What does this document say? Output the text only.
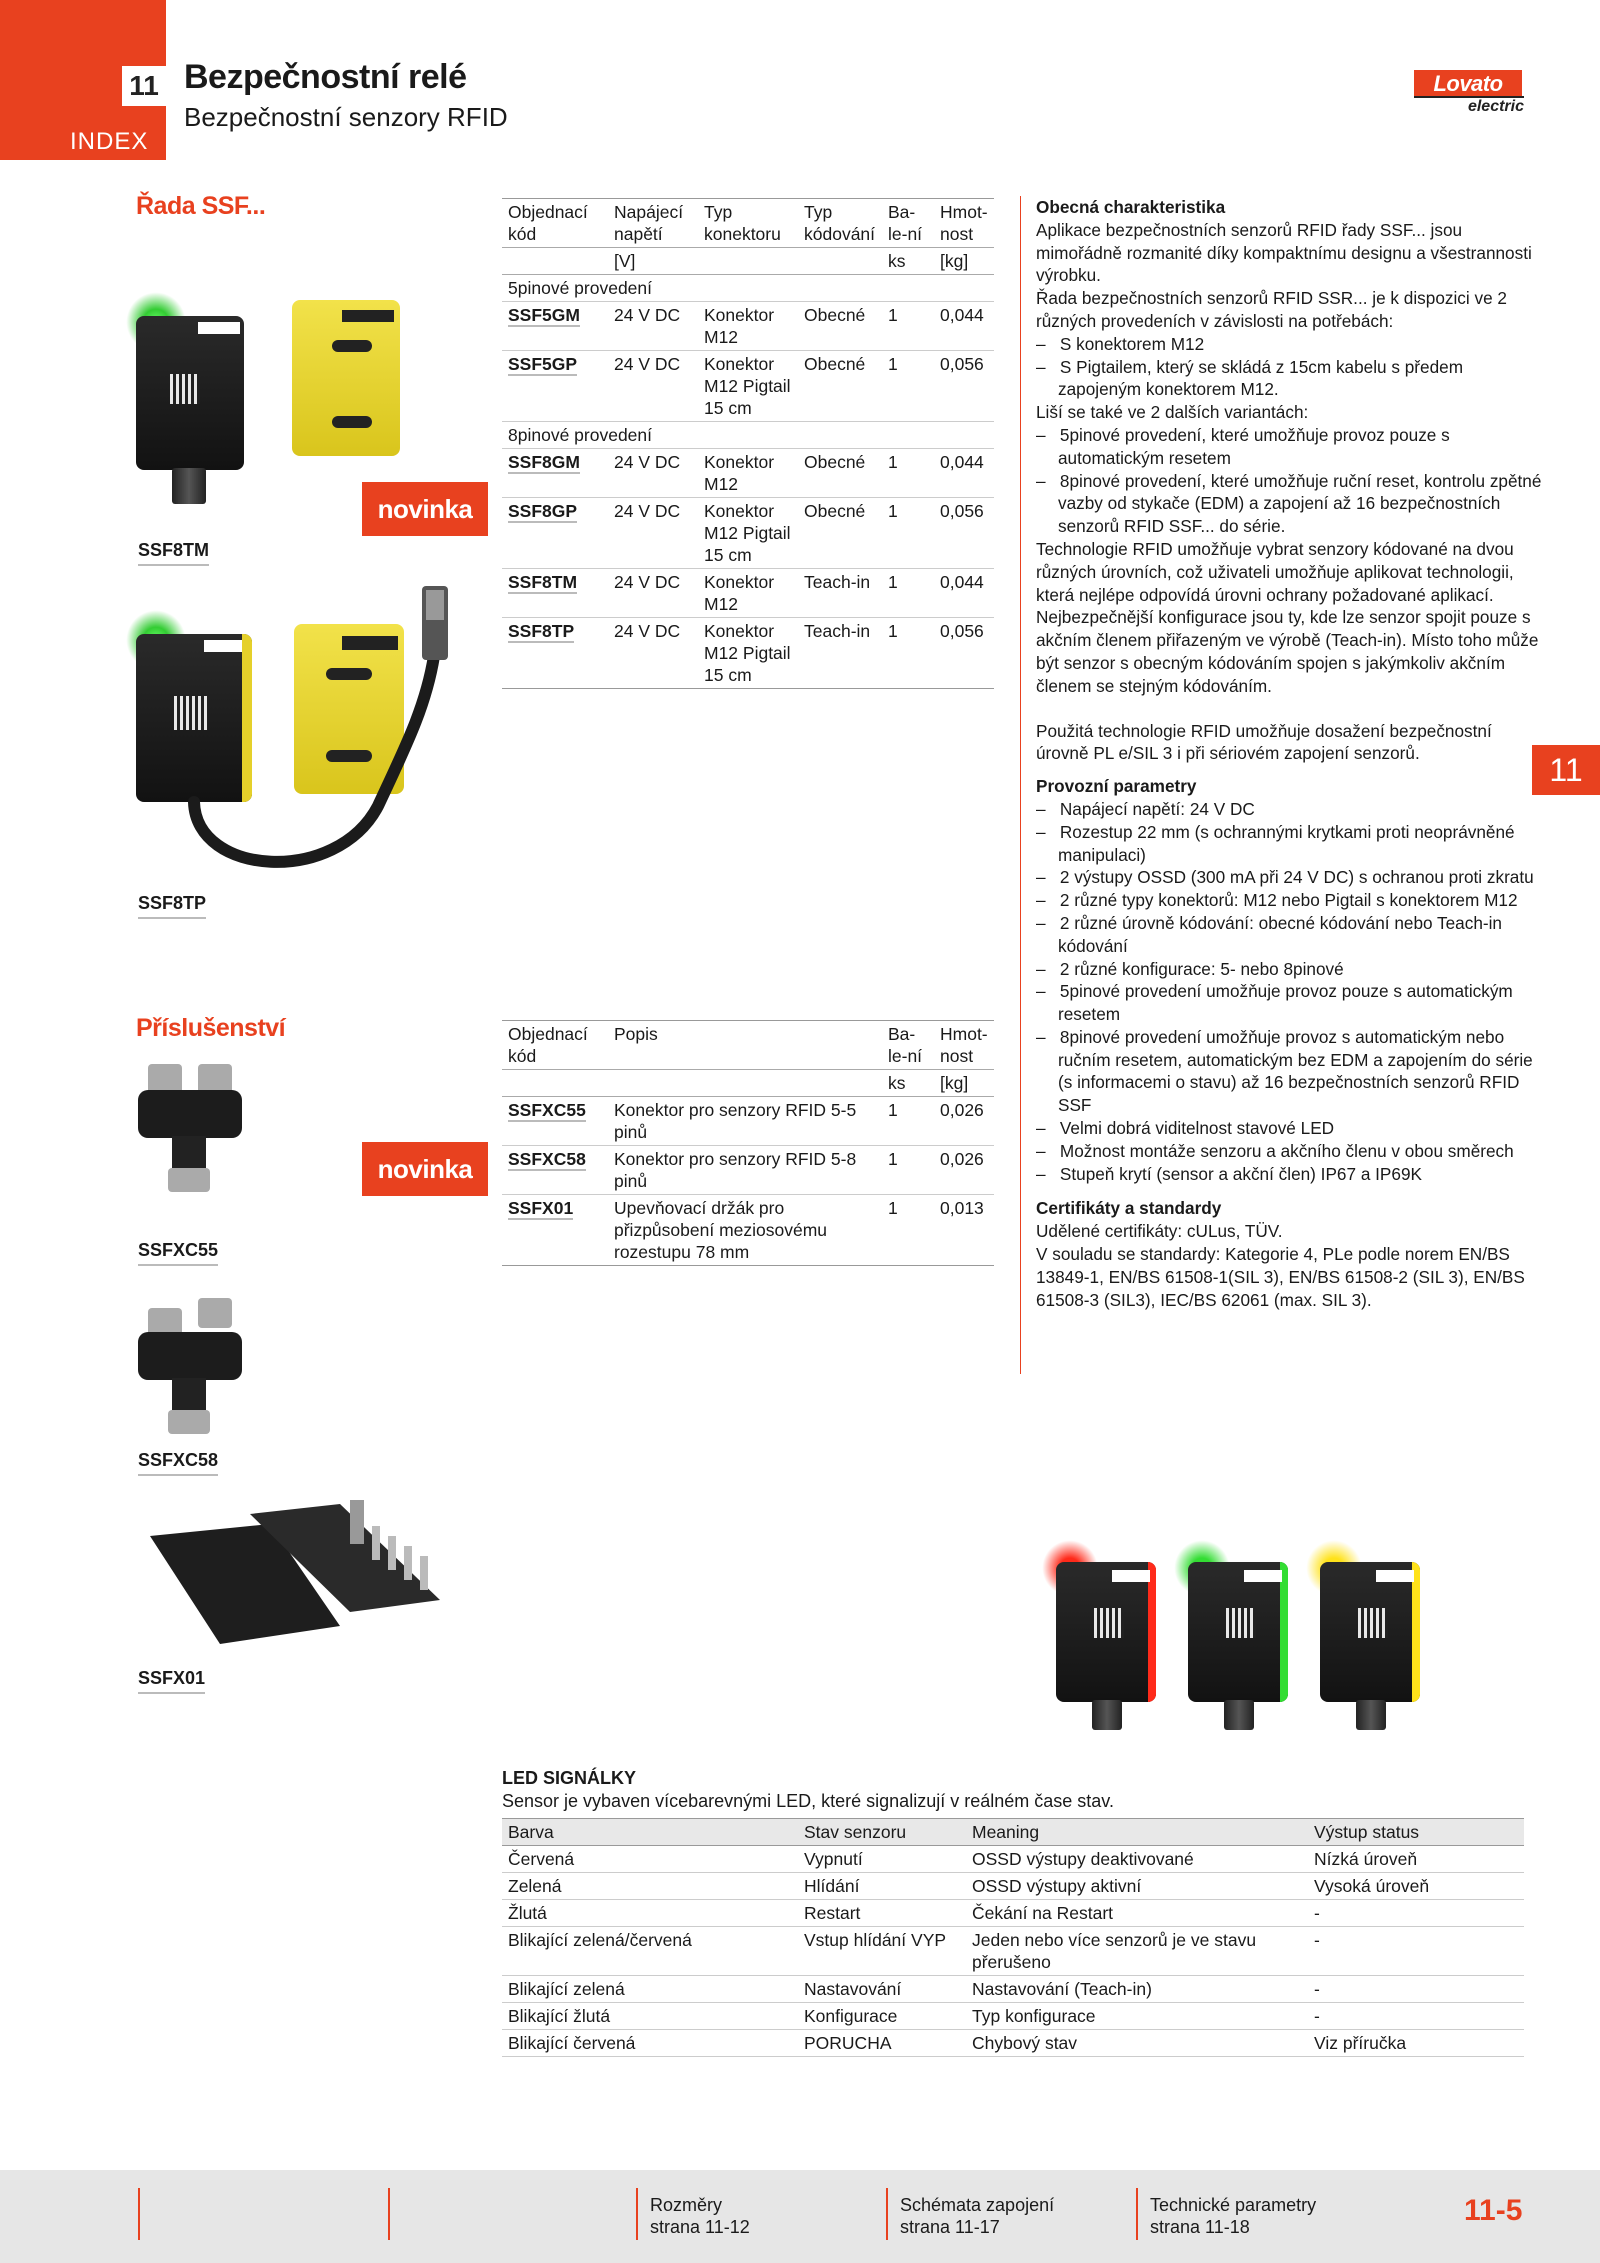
11
INDEX
Bezpečnostní relé
Bezpečnostní senzory RFID
Lovato
electric
Řada SSF...
novinka
SSF8TM
SSF8TP
Příslušenství
novinka
SSFXC55
SSFXC58
SSFX01
Objednací kód	Napájecí napětí	Typ konektoru	Typ kódování	Ba-le-ní	Hmot-nost
	[V]			ks	[kg]
5pinové provedení					
SSF5GM	24 V DC	Konektor M12	Obecné	1	0,044
SSF5GP	24 V DC	Konektor M12 Pigtail 15 cm	Obecné	1	0,056
8pinové provedení					
SSF8GM	24 V DC	Konektor M12	Obecné	1	0,044
SSF8GP	24 V DC	Konektor M12 Pigtail 15 cm	Obecné	1	0,056
SSF8TM	24 V DC	Konektor M12	Teach-in	1	0,044
SSF8TP	24 V DC	Konektor M12 Pigtail 15 cm	Teach-in	1	0,056
Objednací kód	Popis	Ba-le-ní	Hmot-nost
		ks	[kg]
SSFXC55	Konektor pro senzory RFID 5-5 pinů	1	0,026
SSFXC58	Konektor pro senzory RFID 5-8 pinů	1	0,026
SSFX01	Upevňovací držák pro přizpůsobení meziosovému rozestupu 78 mm	1	0,013
Obecná charakteristika

Aplikace bezpečnostních senzorů RFID řady SSF... jsou mimořádně rozmanité díky kompaktnímu designu a všestrannosti výrobku.

Řada bezpečnostních senzorů RFID SSR... je k dispozici ve 2 různých provedeních v závislosti na potřebách:

–   S konektorem M12

–   S Pigtailem, který se skládá z 15cm kabelu s předem zapojeným konektorem M12.

Liší se také ve 2 dalších variantách:

–   5pinové provedení, které umožňuje provoz pouze s automatickým resetem

–   8pinové provedení, které umožňuje ruční reset, kontrolu zpětné vazby od stykače (EDM) a zapojení až 16 bezpečnostních senzorů RFID SSF... do série.

Technologie RFID umožňuje vybrat senzory kódované na dvou různých úrovních, což uživateli umožňuje aplikovat technologii, která nejlépe odpovídá úrovni ochrany požadované aplikací. Nejbezpečnější konfigurace jsou ty, kde lze senzor spojit pouze s akčním členem přiřazeným ve výrobě (Teach-in). Místo toho může být senzor s obecným kódováním spojen s jakýmkoliv akčním členem se stejným kódováním.

Použitá technologie RFID umožňuje dosažení bezpečnostní úrovně PL e/SIL 3 i při sériovém zapojení senzorů.

Provozní parametry

–   Napájecí napětí: 24 V DC

–   Rozestup 22 mm (s ochrannými krytkami proti neoprávněné manipulaci)

–   2 výstupy OSSD (300 mA při 24 V DC) s ochranou proti zkratu

–   2 různé typy konektorů: M12 nebo Pigtail s konektorem M12

–   2 různé úrovně kódování: obecné kódování nebo Teach-in kódování

–   2 různé konfigurace: 5- nebo 8pinové

–   5pinové provedení umožňuje provoz pouze s automatickým resetem

–   8pinové provedení umožňuje provoz s automatickým nebo ručním resetem, automatickým bez EDM a zapojením do série (s informacemi o stavu) až 16 bezpečnostních senzorů RFID SSF

–   Velmi dobrá viditelnost stavové LED

–   Možnost montáže senzoru a akčního členu v obou směrech

–   Stupeň krytí (sensor a akční člen) IP67 a IP69K

Certifikáty a standardy

Udělené certifikáty: cULus, TÜV.

V souladu se standardy: Kategorie 4, PLe podle norem EN/BS 13849-1, EN/BS 61508-1(SIL 3), EN/BS 61508-2 (SIL 3), EN/BS 61508-3 (SIL3), IEC/BS 62061 (max. SIL 3).

11
LED SIGNÁLKY
Sensor je vybaven vícebarevnými LED, které signalizují v reálném čase stav.
Barva	Stav senzoru	Meaning	Výstup status
Červená	Vypnutí	OSSD výstupy deaktivované	Nízká úroveň
Zelená	Hlídání	OSSD výstupy aktivní	Vysoká úroveň
Žlutá	Restart	Čekání na Restart	-
Blikající zelená/červená	Vstup hlídání VYP	Jeden nebo více senzorů je ve stavu přerušeno	-
Blikající zelená	Nastavování	Nastavování (Teach-in)	-
Blikající žlutá	Konfigurace	Typ konfigurace	-
Blikající červená	PORUCHA	Chybový stav	Viz příručka
Rozměry
strana 11-12
Schémata zapojení
strana 11-17
Technické parametry
strana 11-18	11-5
